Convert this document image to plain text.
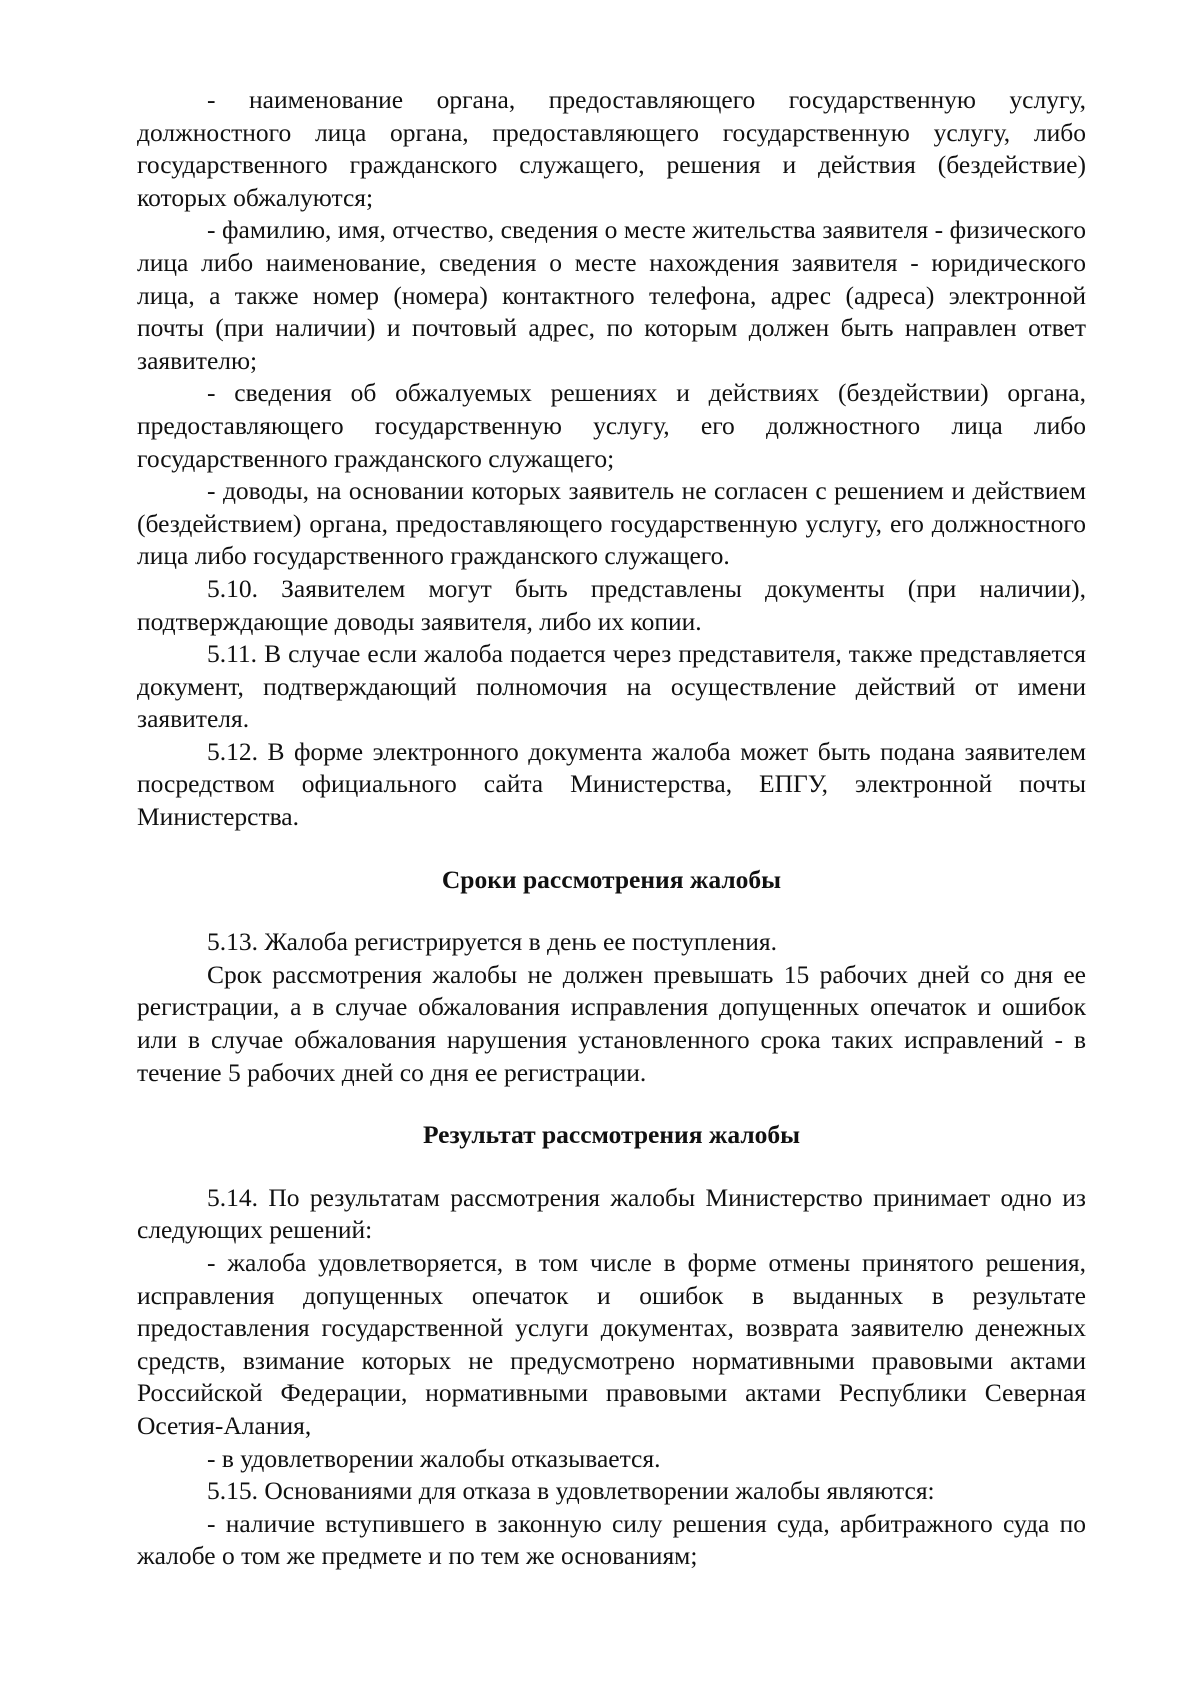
- наименование органа, предоставляющего государственную услугу, должностного лица органа, предоставляющего государственную услугу, либо государственного гражданского служащего, решения и действия (бездействие) которых обжалуются;

- фамилию, имя, отчество, сведения о месте жительства заявителя - физического лица либо наименование, сведения о месте нахождения заявителя - юридического лица, а также номер (номера) контактного телефона, адрес (адреса) электронной почты (при наличии) и почтовый адрес, по которым должен быть направлен ответ заявителю;

- сведения об обжалуемых решениях и действиях (бездействии) органа, предоставляющего государственную услугу, его должностного лица либо государственного гражданского служащего;

- доводы, на основании которых заявитель не согласен с решением и действием (бездействием) органа, предоставляющего государственную услугу, его должностного лица либо государственного гражданского служащего.

5.10. Заявителем могут быть представлены документы (при наличии), подтверждающие доводы заявителя, либо их копии.

5.11. В случае если жалоба подается через представителя, также представляется документ, подтверждающий полномочия на осуществление действий от имени заявителя.

5.12. В форме электронного документа жалоба может быть подана заявителем посредством официального сайта Министерства, ЕПГУ, электронной почты Министерства.

Сроки рассмотрения жалобы

5.13. Жалоба регистрируется в день ее поступления.

Срок рассмотрения жалобы не должен превышать 15 рабочих дней со дня ее регистрации, а в случае обжалования исправления допущенных опечаток и ошибок или в случае обжалования нарушения установленного срока таких исправлений - в течение 5 рабочих дней со дня ее регистрации.

Результат рассмотрения жалобы

5.14. По результатам рассмотрения жалобы Министерство принимает одно из следующих решений:

- жалоба удовлетворяется, в том числе в форме отмены принятого решения, исправления допущенных опечаток и ошибок в выданных в результате предоставления государственной услуги документах, возврата заявителю денежных средств, взимание которых не предусмотрено нормативными правовыми актами Российской Федерации, нормативными правовыми актами Республики Северная Осетия-Алания,

- в удовлетворении жалобы отказывается.

5.15. Основаниями для отказа в удовлетворении жалобы являются:

- наличие вступившего в законную силу решения суда, арбитражного суда по жалобе о том же предмете и по тем же основаниям;
